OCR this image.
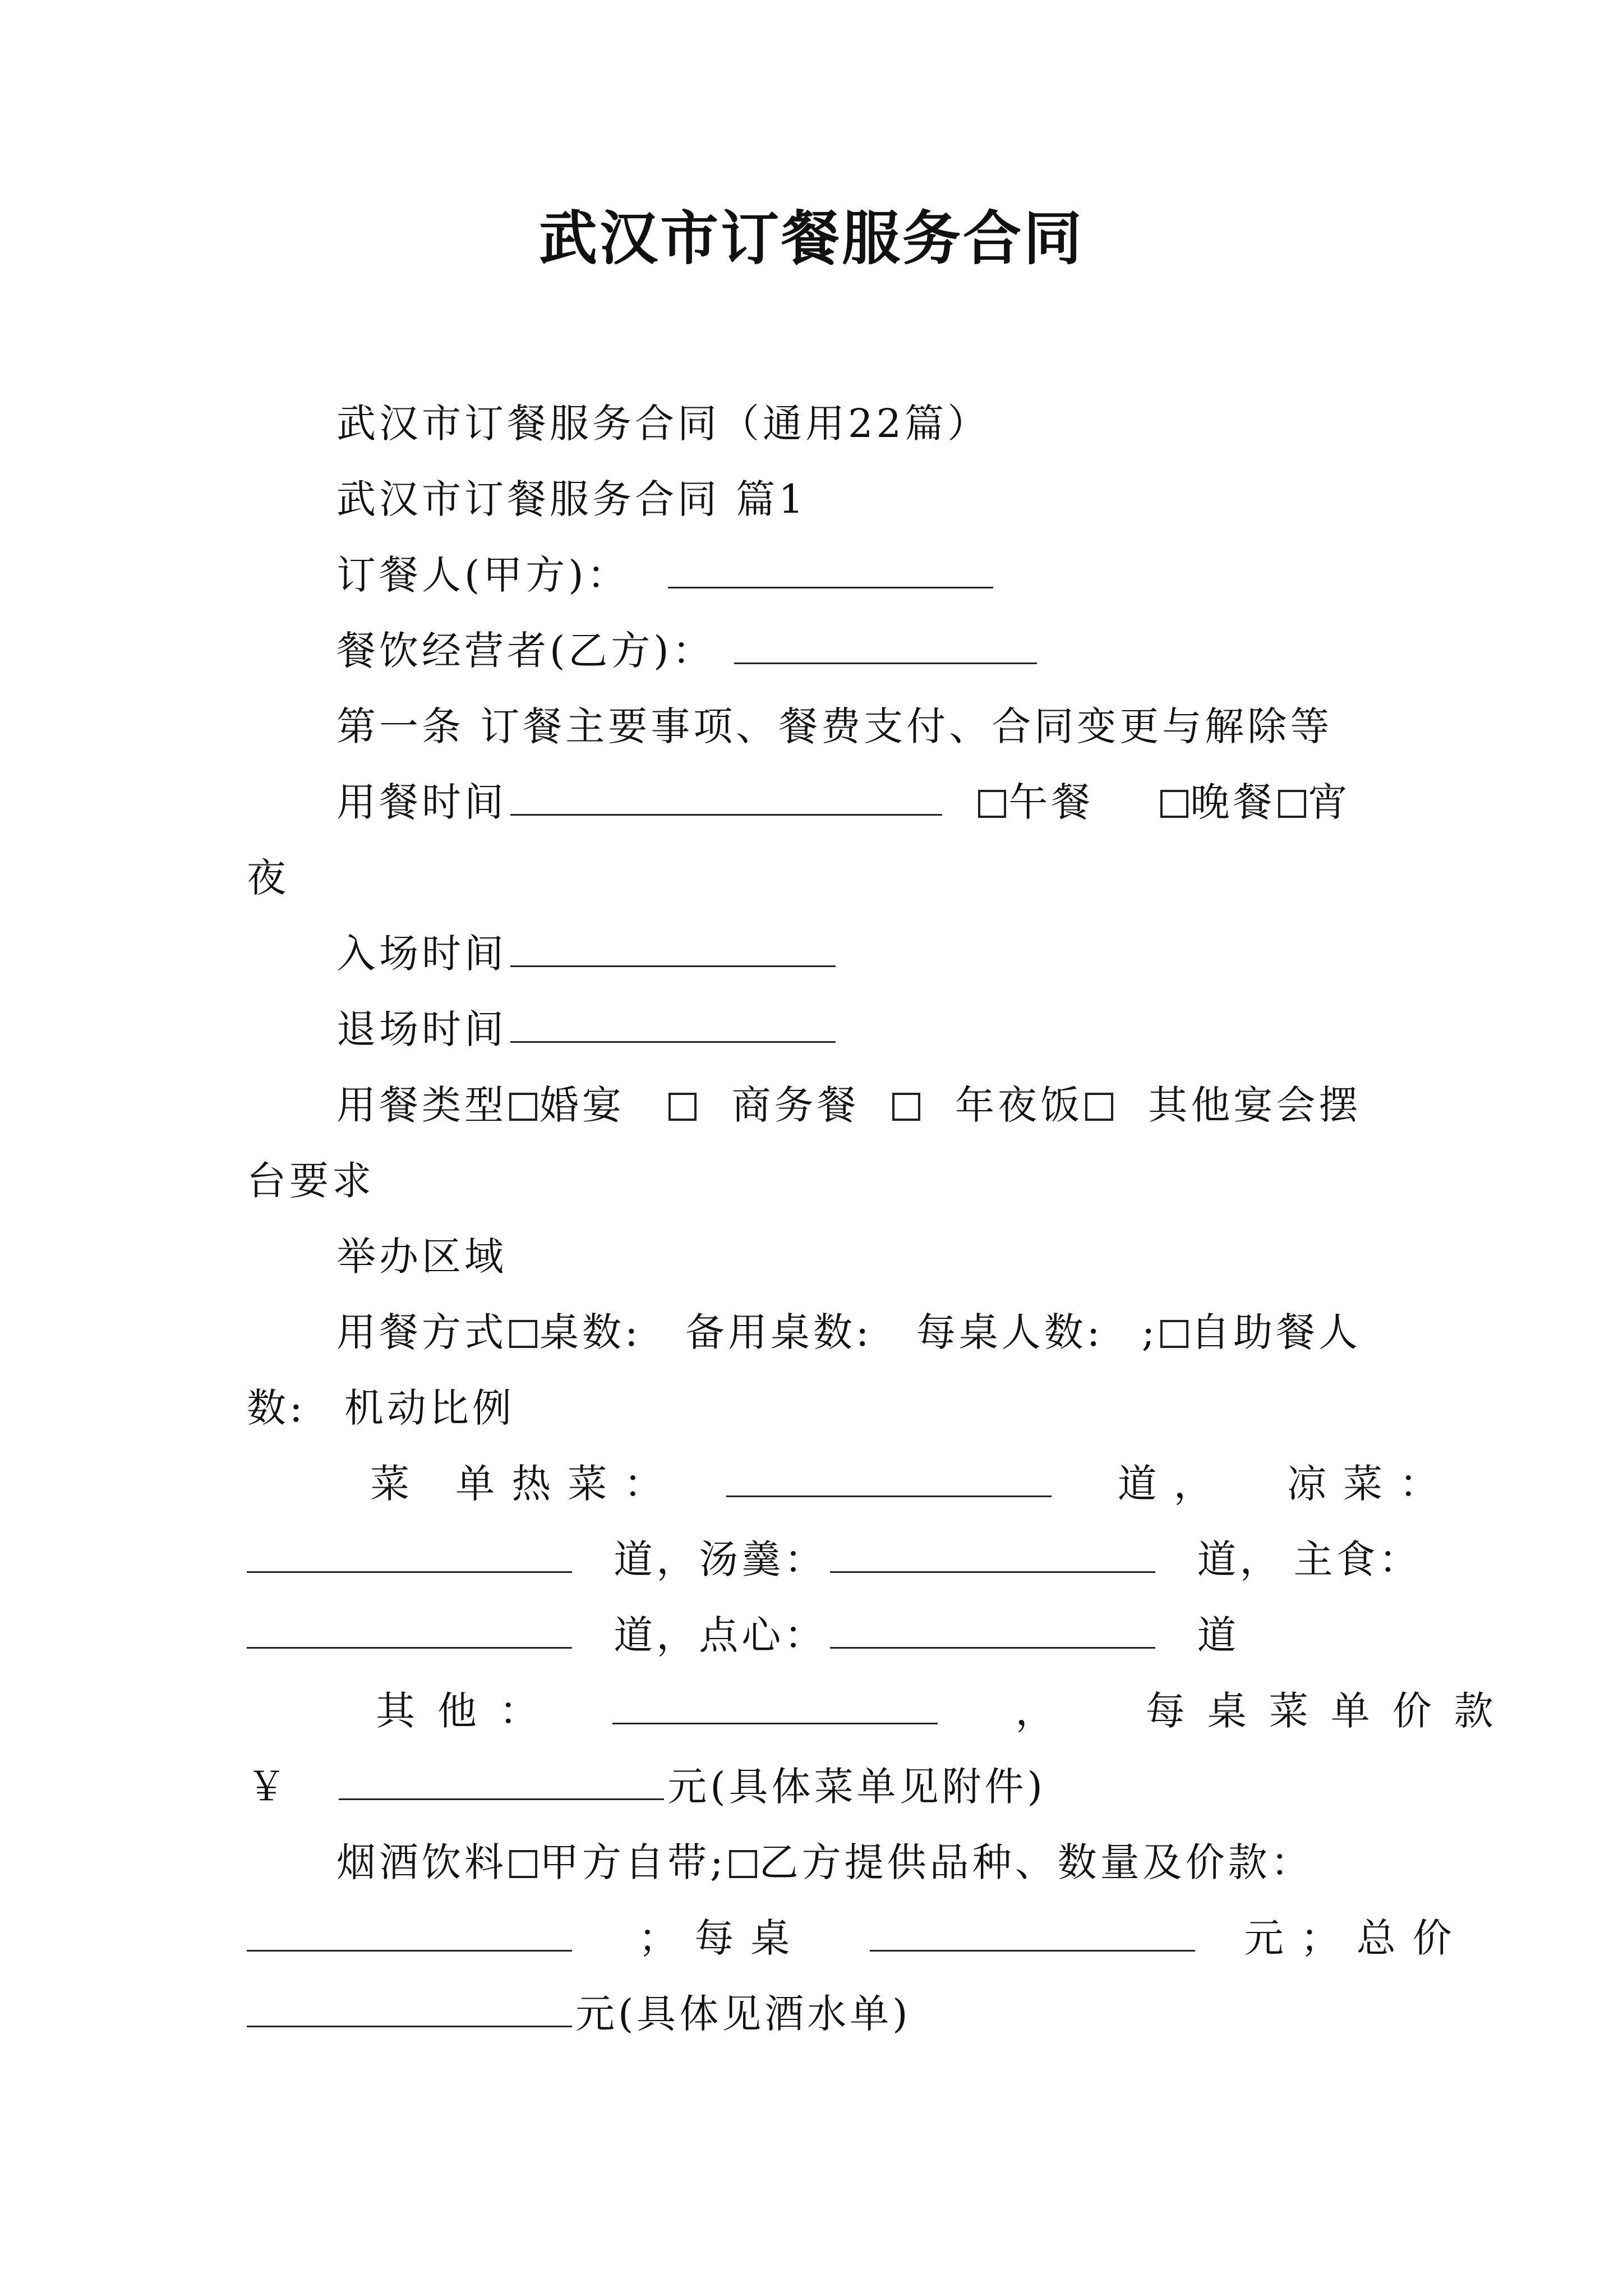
武汉市订餐服务合同
武汉市订餐服务合同（通用22篇）
武汉市订餐服务合同 篇1
订餐人(甲方)：
餐饮经营者(乙方)：
第一条 订餐主要事项、餐费支付、合同变更与解除等
用餐时间	午餐 晚餐 宵
夜
入场时间
退场时间
用餐类型 婚宴	商务餐 年夜饭 其他宴会摆
台要求
举办区域
用餐方式 桌数: 备用桌数: 每桌人数: ; 自助餐人
数: 机动比例
菜 单热菜：	道， 凉菜：
道，汤羹：	道， 主食：
道，点心：	道
其他：	， 每桌菜单价款
￥	元(具体菜单见附件)
烟酒饮料 甲方自带; 乙方提供品种、数量及价款：
；每桌	元；总价
元(具体见酒水单)
